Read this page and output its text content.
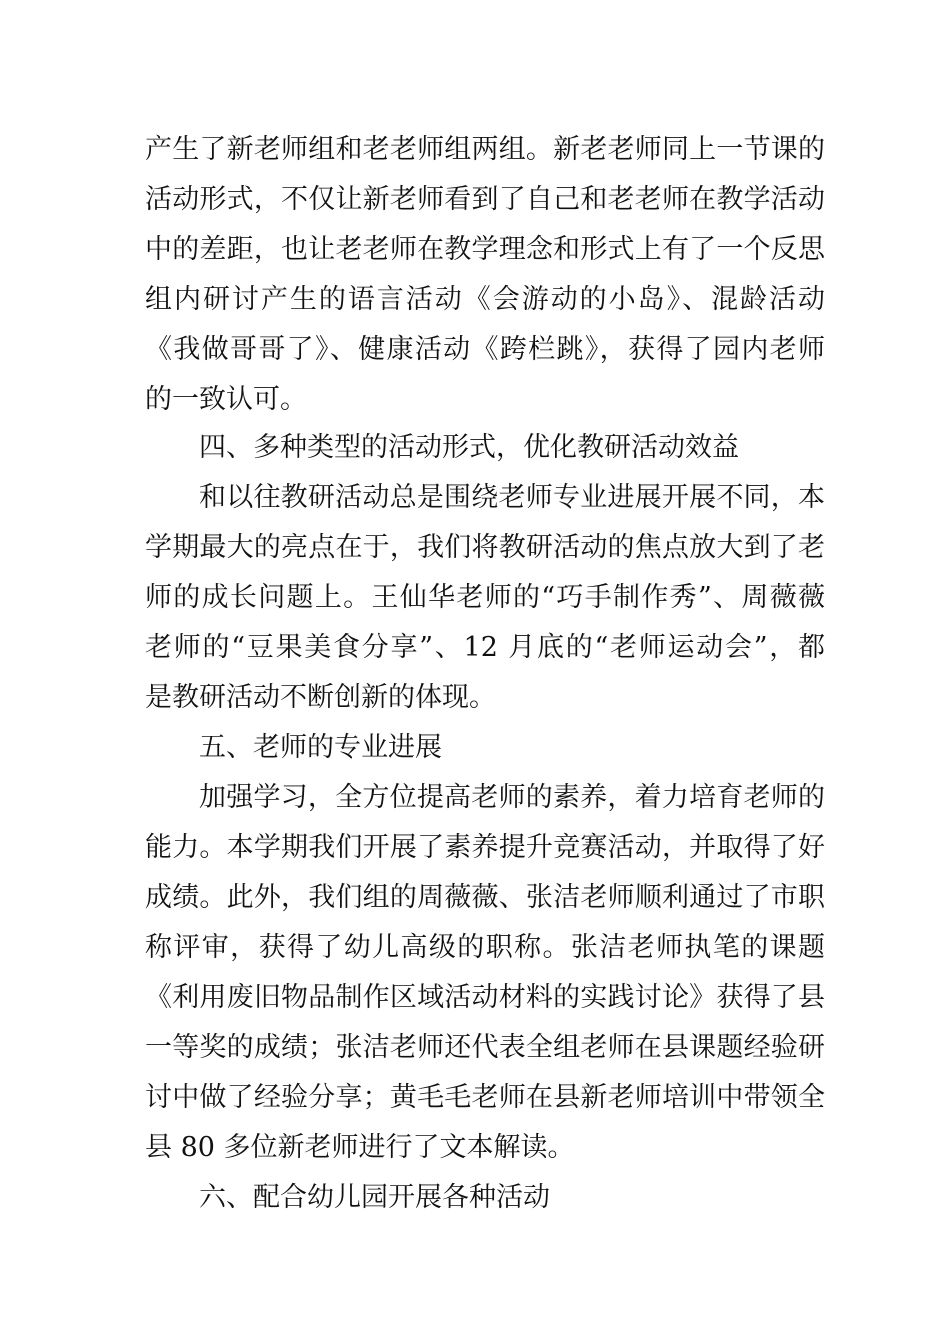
产生了新老师组和老老师组两组。新老老师同上一节课的
活动形式，不仅让新老师看到了自己和老老师在教学活动
中的差距，也让老老师在教学理念和形式上有了一个反思
组内研讨产生的语言活动《会游动的小岛》、混龄活动
《我做哥哥了》、健康活动《跨栏跳》，获得了园内老师
的一致认可。
四、多种类型的活动形式，优化教研活动效益
和以往教研活动总是围绕老师专业进展开展不同，本
学期最大的亮点在于，我们将教研活动的焦点放大到了老
师的成长问题上。王仙华老师的“巧手制作秀”、周薇薇
老师的“豆果美食分享”、12 月底的“老师运动会”，都
是教研活动不断创新的体现。
五、老师的专业进展
加强学习，全方位提高老师的素养，着力培育老师的
能力。本学期我们开展了素养提升竞赛活动，并取得了好
成绩。此外，我们组的周薇薇、张洁老师顺利通过了市职
称评审，获得了幼儿高级的职称。张洁老师执笔的课题
《利用废旧物品制作区域活动材料的实践讨论》获得了县
一等奖的成绩；张洁老师还代表全组老师在县课题经验研
讨中做了经验分享；黄毛毛老师在县新老师培训中带领全
县 80 多位新老师进行了文本解读。
六、配合幼儿园开展各种活动
